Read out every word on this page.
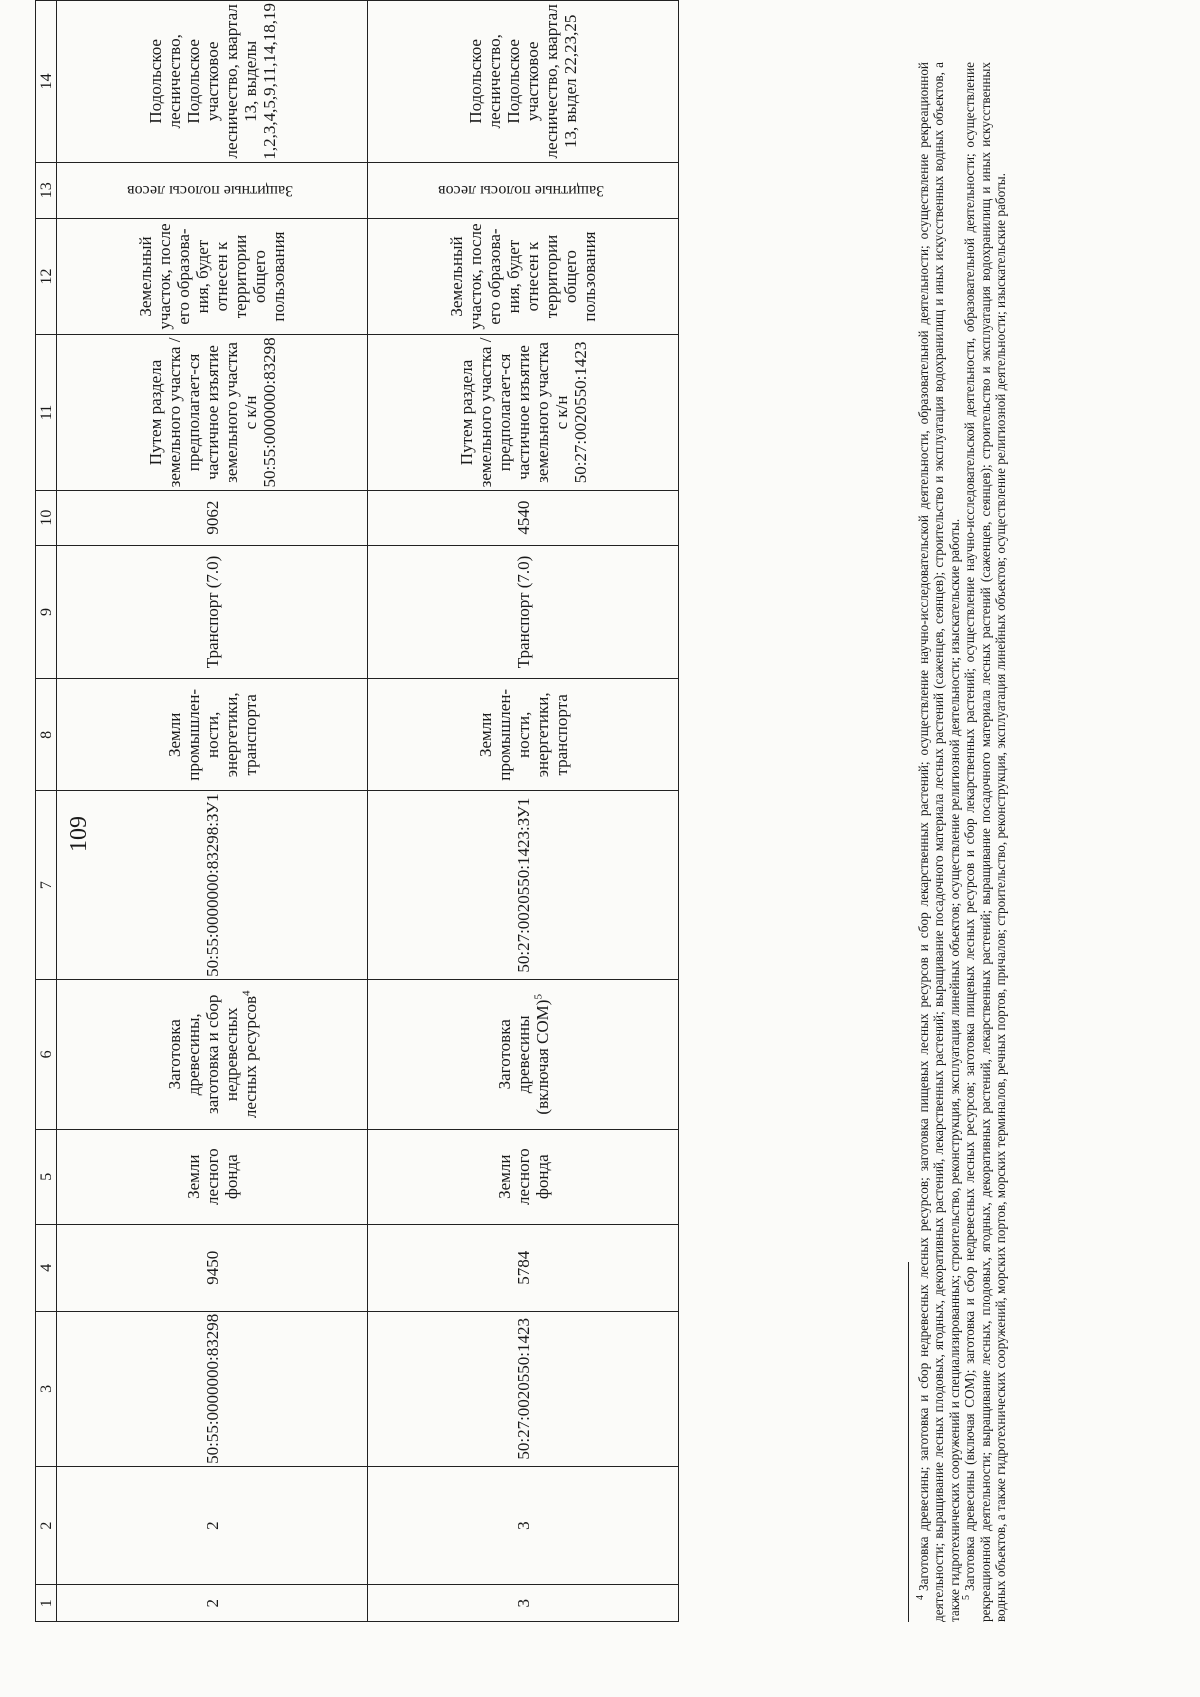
109
1	2	3	4	5	6	7	8	9	10	11	12	13	14
2	2	50:55:0000000:83298	9450	Земли лесного фонда	Заготовка древесины, заготовка и сбор недревесных лесных ресурсов$^4$	50:55:0000000:83298:ЗУ1	Земли промышлен-ности, энергетики, транспорта	Транспорт (7.0)	9062	Путем раздела земельного участка / предполагает-ся частичное изъятие земельного участка с к/н 50:55:0000000:83298	Земельный участок, после его образова-ния, будет отнесен к территории общего пользования	Защитные полосы лесов	Подольское лесничество, Подольское участковое лесничество, квартал 13, выделы 1,2,3,4,5,9,11,14,18,19
3	3	50:27:0020550:1423	5784	Земли лесного фонда	Заготовка древесины (включая СОМ)$^5$	50:27:0020550:1423:ЗУ1	Земли промышлен-ности, энергетики, транспорта	Транспорт (7.0)	4540	Путем раздела земельного участка / предполагает-ся частичное изъятие земельного участка с к/н 50:27:0020550:1423	Земельный участок, после его образова-ния, будет отнесен к территории общего пользования	Защитные полосы лесов	Подольское лесничество, Подольское участковое лесничество, квартал 13, выдел 22,23,25

$^4$Заготовка древесины; заготовка и сбор недревесных лесных ресурсов; заготовка пищевых лесных ресурсов и сбор лекарственных растений; осуществление научно-исследовательской деятельности, образовательной деятельности; осуществление рекреационной деятельности; выращивание лесных плодовых, ягодных, декоративных растений, лекарственных растений; выращивание посадочного материала лесных растений (саженцев, сеянцев); строительство и эксплуатация водохранилищ и иных искусственных водных объектов, а также гидротехнических сооружений и специализированных; строительство, реконструкция, эксплуатация линейных объектов; осуществление религиозной деятельности; изыскательские работы. $^5$Заготовка древесины (включая СОМ); заготовка и сбор недревесных лесных ресурсов; заготовка пищевых лесных ресурсов и сбор лекарственных растений; осуществление научно-исследовательской деятельности, образовательной деятельности; осуществление рекреационной деятельности; выращивание лесных, плодовых, ягодных, декоративных растений, лекарственных растений; выращивание посадочного материала лесных растений (саженцев, сеянцев); строительство и эксплуатация водохранилищ и иных искусственных водных объектов, а также гидротехнических сооружений, морских портов, морских терминалов, речных портов, причалов; строительство, реконструкция, эксплуатация линейных объектов; осуществление религиозной деятельности; изыскательские работы.
